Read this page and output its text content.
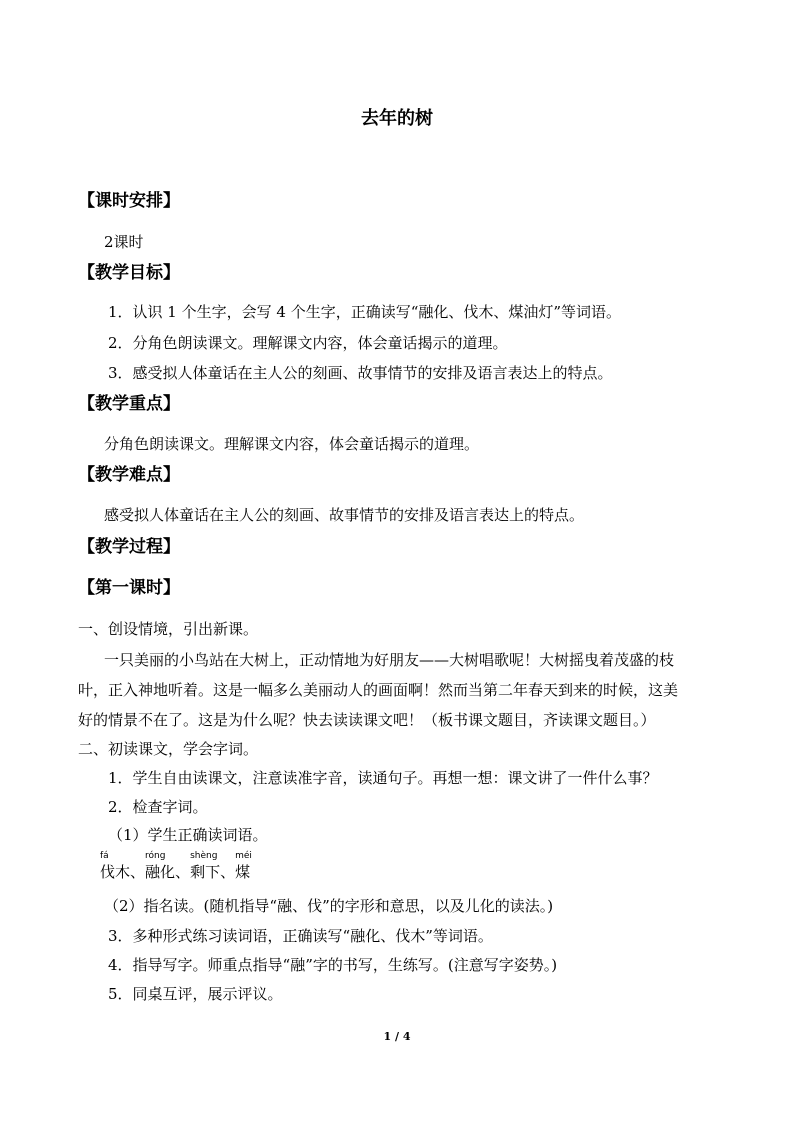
去年的树
【课时安排】
2课时
【教学目标】
1．认识 1 个生字，会写 4 个生字，正确读写“融化、伐木、煤油灯”等词语。
2．分角色朗读课文。理解课文内容，体会童话揭示的道理。
3．感受拟人体童话在主人公的刻画、故事情节的安排及语言表达上的特点。
【教学重点】
分角色朗读课文。理解课文内容，体会童话揭示的道理。
【教学难点】
感受拟人体童话在主人公的刻画、故事情节的安排及语言表达上的特点。
【教学过程】
【第一课时】
一、创设情境，引出新课。
一只美丽的小鸟站在大树上，正动情地为好朋友——大树唱歌呢！大树摇曳着茂盛的枝
叶，正入神地听着。这是一幅多么美丽动人的画面啊！然而当第二年春天到来的时候，这美
好的情景不在了。这是为什么呢？快去读读课文吧！（板书课文题目，齐读课文题目。）
二、初读课文，学会字词。
1．学生自由读课文，注意读准字音，读通句子。再想一想：课文讲了一件什么事？
2．检查字词。
（1）学生正确读词语。
fá
伐木、
róng
融化、
shèng
剩下、
méi
煤
（2）指名读。(随机指导“融、伐”的字形和意思，以及儿化的读法。)
3．多种形式练习读词语，正确读写“融化、伐木”等词语。
4．指导写字。师重点指导“融”字的书写，生练写。(注意写字姿势。)
5．同桌互评，展示评议。
1 / 4
